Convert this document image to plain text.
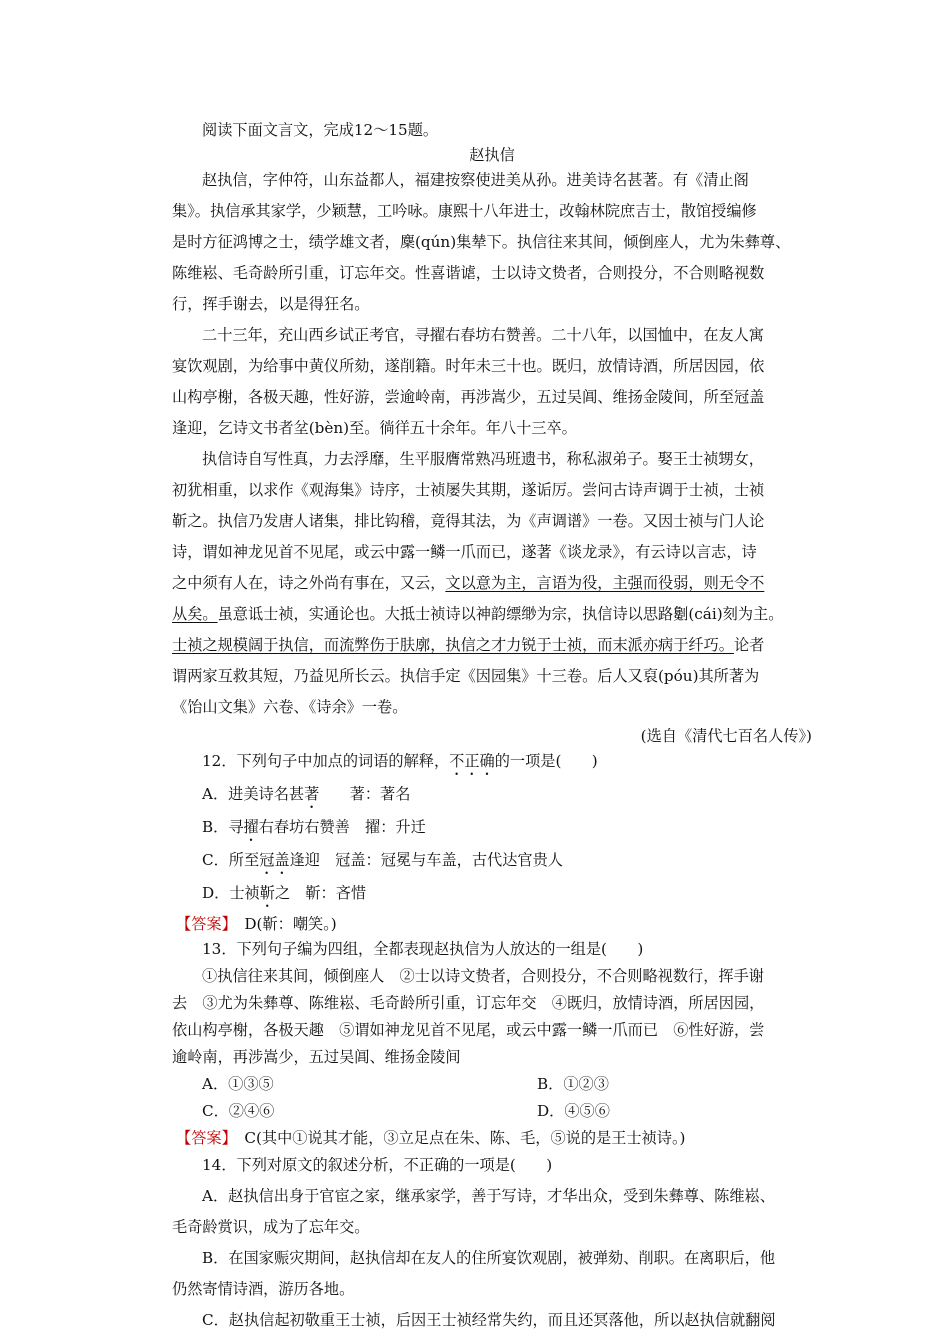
阅读下面文言文，完成12～15题。
赵执信
赵执信，字仲符，山东益都人，福建按察使进美从孙。进美诗名甚著。有《清止阁
集》。执信承其家学，少颖慧，工吟咏。康熙十八年进士，改翰林院庶吉士，散馆授编修
是时方征鸿博之士，绩学雄文者，麇(qún)集辇下。执信往来其间，倾倒座人，尤为朱彝尊、
陈维崧、毛奇龄所引重，订忘年交。性喜谐谑，士以诗文贽者，合则投分，不合则略视数
行，挥手谢去，以是得狂名。
二十三年，充山西乡试正考官，寻擢右春坊右赞善。二十八年，以国恤中，在友人寓
宴饮观剧，为给事中黄仪所劾，遂削籍。时年未三十也。既归，放情诗酒，所居因园，依
山构亭榭，各极天趣，性好游，尝逾岭南，再涉嵩少，五过吴阊、维扬金陵间，所至冠盖
逢迎，乞诗文书者坌(bèn)至。徜徉五十余年。年八十三卒。
执信诗自写性真，力去浮靡，生平服膺常熟冯班遗书，称私淑弟子。娶王士祯甥女，
初犹相重，以求作《观海集》诗序，士祯屡失其期，遂诟厉。尝问古诗声调于士祯，士祯
靳之。执信乃发唐人诸集，排比钩稽，竟得其法，为《声调谱》一卷。又因士祯与门人论
诗，谓如神龙见首不见尾，或云中露一鳞一爪而已，遂著《谈龙录》，有云诗以言志，诗
之中须有人在，诗之外尚有事在，又云，文以意为主，言语为役，主强而役弱，则无令不
从矣。虽意诋士祯，实通论也。大抵士祯诗以神韵缥缈为宗，执信诗以思路劖(cái)刻为主。
士祯之规模阔于执信，而流弊伤于肤廓，执信之才力锐于士祯，而末派亦病于纤巧。论者
谓两家互救其短，乃益见所长云。执信手定《因园集》十三卷。后人又裒(póu)其所著为
《饴山文集》六卷、《诗余》一卷。
(选自《清代七百名人传》)
12．下列句子中加点的词语的解释，不正确的一项是(　　)
A．进美诗名甚著　　著：著名
B．寻擢右春坊右赞善　擢：升迁
C．所至冠盖逢迎　冠盖：冠冕与车盖，古代达官贵人
D．士祯靳之　靳：吝惜
【答案】　D(靳：嘲笑。)
13．下列句子编为四组，全都表现赵执信为人放达的一组是(　　)
①执信往来其间，倾倒座人　②士以诗文贽者，合则投分，不合则略视数行，挥手谢
去　③尤为朱彝尊、陈维崧、毛奇龄所引重，订忘年交　④既归，放情诗酒，所居因园，
依山构亭榭，各极天趣　⑤谓如神龙见首不见尾，或云中露一鳞一爪而已　⑥性好游，尝
逾岭南，再涉嵩少，五过吴阊、维扬金陵间
A．①③⑤	B．①②③
C．②④⑥	D．④⑤⑥
【答案】　C(其中①说其才能，③立足点在朱、陈、毛，⑤说的是王士祯诗。)
14．下列对原文的叙述分析，不正确的一项是(　　)
A．赵执信出身于官宦之家，继承家学，善于写诗，才华出众，受到朱彝尊、陈维崧、
毛奇龄赏识，成为了忘年交。
B．在国家赈灾期间，赵执信却在友人的住所宴饮观剧，被弹劾、削职。在离职后，他
仍然寄情诗酒，游历各地。
C．赵执信起初敬重王士祯，后因王士祯经常失约，而且还冥落他，所以赵执信就翻阅
